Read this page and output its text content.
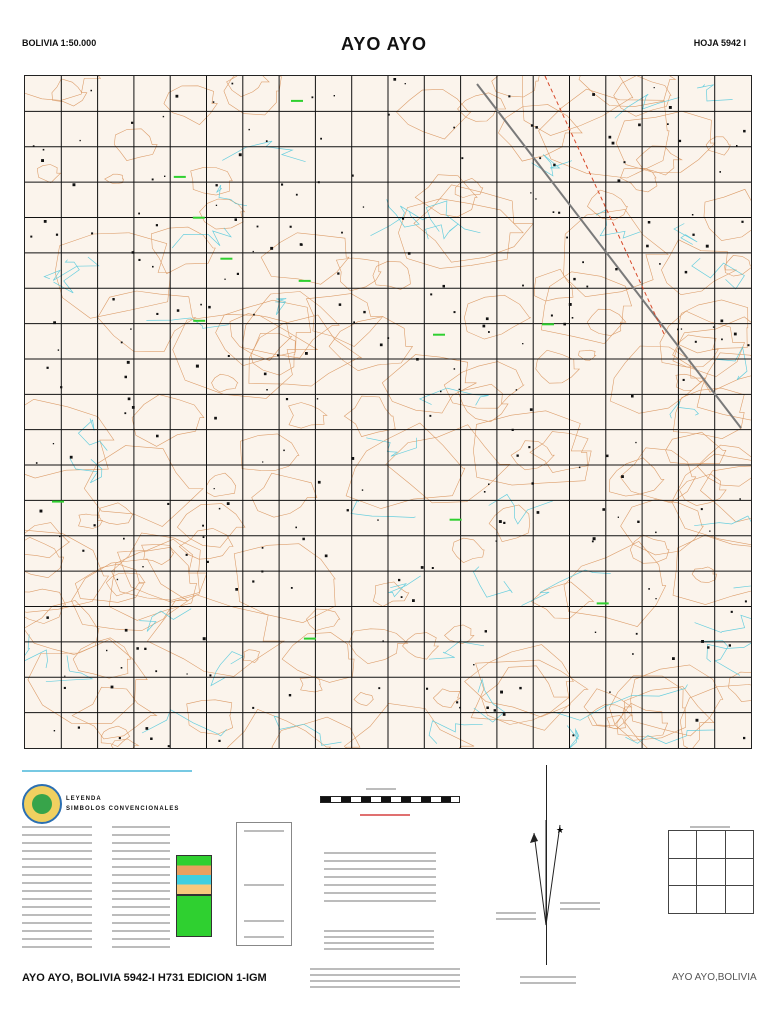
BOLIVIA 1:50.000	AYO AYO	HOJA 5942 I
LEYENDA
SIMBOLOS CONVENCIONALES
★

AYO AYO, BOLIVIA 5942-I H731 EDICION 1-IGM	AYO AYO,BOLIVIA
